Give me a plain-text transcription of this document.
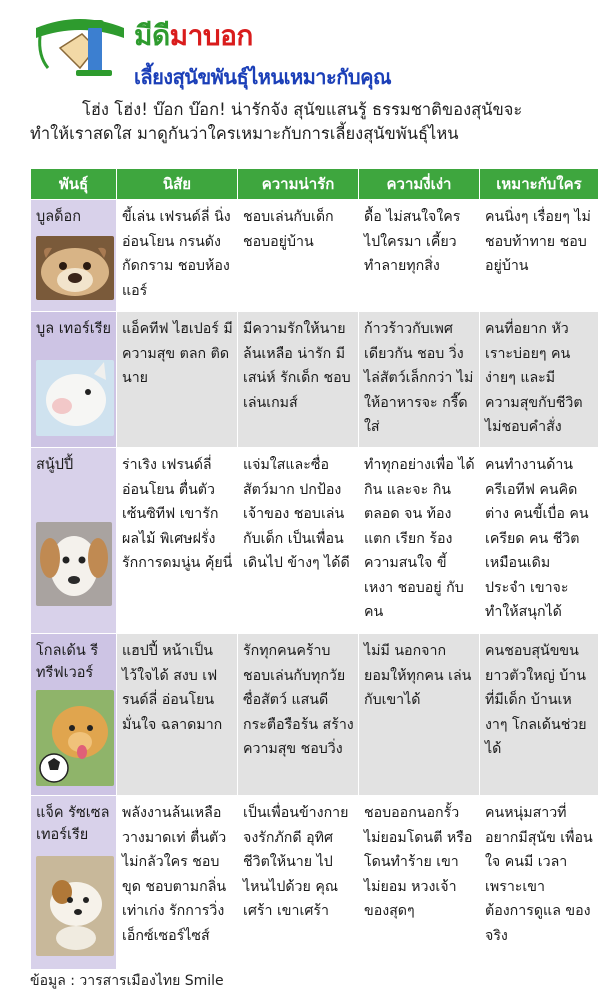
มีดีมาบอก
เลี้ยงสุนัขพันธุ์ไหนเหมาะกับคุณ
โฮ่ง โฮ่ง! บ๊อก บ๊อก! น่ารักจัง สุนัขแสนรู้ ธรรมชาติของสุนัขจะ
ทำให้เราสดใส มาดูกันว่าใครเหมาะกับการเลี้ยงสุนัขพันธุ์ไหน
พันธุ์	นิสัย	ความน่ารัก	ความงี่เง่า	เหมาะกับใคร

บูลด็อก	ขี้เล่น เฟรนด์ลี่ นิ่ง อ่อนโยน กรนดัง กัดกราม ชอบห้องแอร์	ชอบเล่นกับเด็ก ชอบอยู่บ้าน	ดื้อ ไม่สนใจใคร ไปใครมา เคี้ยว ทำลายทุกสิ่ง	คนนิ่งๆ เรื่อยๆ ไม่ชอบท้าทาย ชอบอยู่บ้าน

บูล เทอร์เรีย	แอ็คทีฟ ไฮเปอร์ มีความสุข ตลก ติดนาย	มีความรักให้นาย ล้นเหลือ น่ารัก มีเสน่ห์ รักเด็ก ชอบเล่นเกมส์	ก้าวร้าวกับเพศ เดียวกัน ชอบ วิ่งไล่สัตว์เล็กกว่า ไม่ให้อาหารจะ กรี๊ดใส่	คนที่อยาก หัวเราะบ่อยๆ คนง่ายๆ และมี ความสุขกับชีวิต ไม่ชอบคำสั่ง

สนู้ปปี้	ร่าเริง เฟรนด์ลี่ อ่อนโยน ตื่นตัว เซ้นซิทีฟ เขารัก ผลไม้ พิเศษฝรั่ง รักการดมนู่น คุ้ยนี่	แจ่มใสและซื่อ สัตว์มาก ปกป้องเจ้าของ ชอบเล่นกับเด็ก เป็นเพื่อนเดินไป ข้างๆ ได้ดี	ทำทุกอย่างเพื่อ ได้กิน และจะ กินตลอด จน ท้องแตก เรียก ร้องความสนใจ ขี้เหงา ชอบอยู่ กับคน	คนทำงานด้าน ครีเอทีฟ คนคิด ต่าง คนขี้เบื่อ คนเครียด คน ชีวิตเหมือนเดิม ประจำ เขาจะ ทำให้สนุกได้

โกลเด้น รีทรีฟเวอร์	แฮปปี้ หน้าเป็น ไว้ใจได้ สงบ เฟรนด์ลี่ อ่อนโยน มั่นใจ ฉลาดมาก	รักทุกคนคร้าบ ชอบเล่นกับทุกวัย ซื่อสัตว์ แสนดี กระตือรือร้น สร้างความสุข ชอบวิ่ง	ไม่มี นอกจาก ยอมให้ทุกคน เล่นกับเขาได้	คนชอบสุนัขขน ยาวตัวใหญ่ บ้านที่มีเด็ก บ้านเหงาๆ โกลเด้นช่วยได้

แจ็ค รัซเซล เทอร์เรีย	พลังงานล้นเหลือ วางมาดเท่ ตื่นตัว ไม่กลัวใคร ชอบ ขุด ชอบตามกลิ่น เท่าเก่ง รักการวิ่ง เอ็กซ์เซอร์ไซส์	เป็นเพื่อนข้างกาย จงรักภักดี อุทิศ ชีวิตให้นาย ไปไหนไปด้วย คุณเศร้า เขาเศร้า	ชอบออกนอกรั้ว ไม่ยอมโดนตี หรือโดนทำร้าย เขาไม่ยอม หวงเจ้าของสุดๆ	คนหนุ่มสาวที่ อยากมีสุนัข เพื่อนใจ คนมี เวลา เพราะเขา ต้องการดูแล ของจริง
ข้อมูล : วารสารเมืองไทย Smile
